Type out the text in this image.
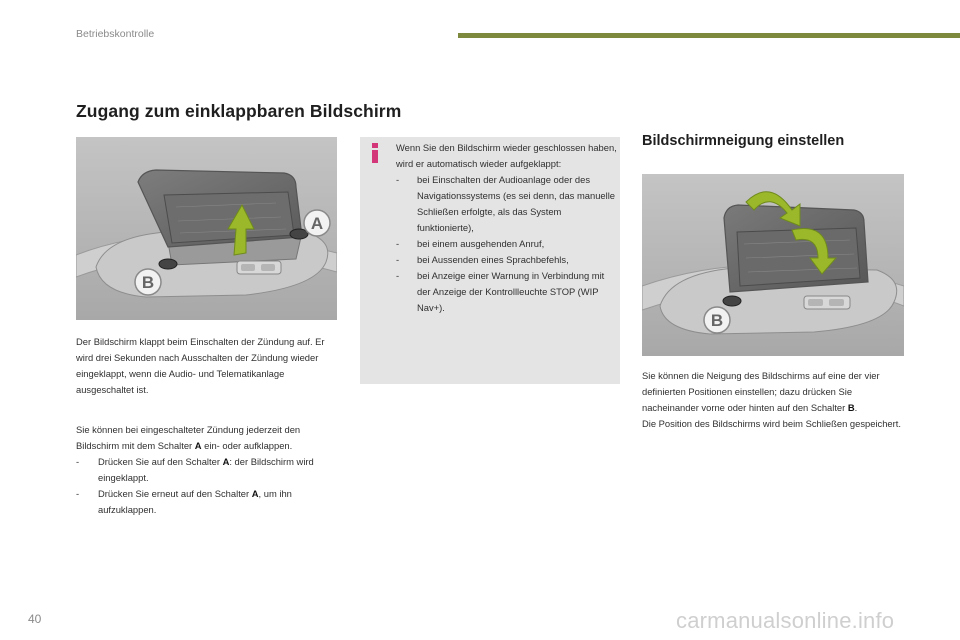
Betriebskontrolle
Zugang zum einklappbaren Bildschirm
A
B
Der Bildschirm klappt beim Einschalten der Zündung auf. Er wird drei Sekunden nach Ausschalten der Zündung wieder eingeklappt, wenn die Audio- und Telematikanlage ausgeschaltet ist.
Sie können bei eingeschalteter Zündung jederzeit den Bildschirm mit dem Schalter A ein- oder aufklappen.
- Drücken Sie auf den Schalter A: der Bildschirm wird eingeklappt.
- Drücken Sie erneut auf den Schalter A, um ihn aufzuklappen.
Wenn Sie den Bildschirm wieder geschlossen haben, wird er automatisch wieder aufgeklappt:
- bei Einschalten der Audioanlage oder des Navigationssystems (es sei denn, das manuelle Schließen erfolgte, als das System funktionierte),
- bei einem ausgehenden Anruf,
- bei Aussenden eines Sprachbefehls,
- bei Anzeige einer Warnung in Verbindung mit der Anzeige der Kontrollleuchte STOP (WIP Nav+).
Bildschirmneigung einstellen
B
Sie können die Neigung des Bildschirms auf eine der vier definierten Positionen einstellen; dazu drücken Sie nacheinander vorne oder hinten auf den Schalter B.
Die Position des Bildschirms wird beim Schließen gespeichert.
40	carmanualsonline.info
